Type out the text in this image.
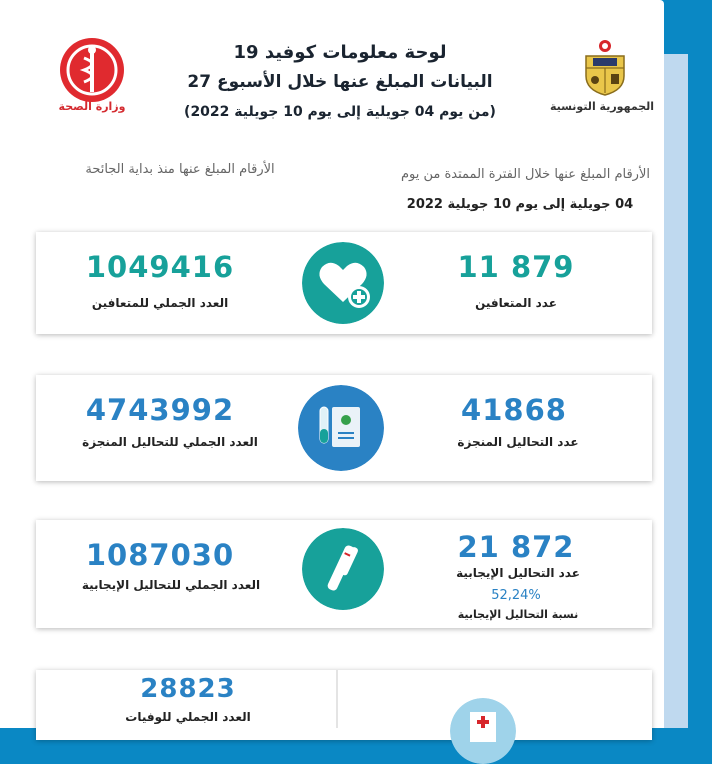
لوحة معلومات كوفيد 19
البيانات المبلغ عنها خلال الأسبوع 27
(من يوم 04 جويلية إلى يوم 10 جويلية 2022)	الجمهورية التونسية
وزارة الصحة
الأرقام المبلغ عنها منذ بداية الجائحة	الأرقام المبلغ عنها خلال الفترة الممتدة من يوم
04 جويلية إلى يوم 10 جويلية 2022
1049416
العدد الجملي للمتعافين
11 879
عدد المتعافين
4743992
العدد الجملي للتحاليل المنجزة
41868
عدد التحاليل المنجزة
1087030
العدد الجملي للتحاليل الإيجابية
21 872
عدد التحاليل الإيجابية
52,24%
نسبة التحاليل الإيجابية
28823
العدد الجملي للوفيات
